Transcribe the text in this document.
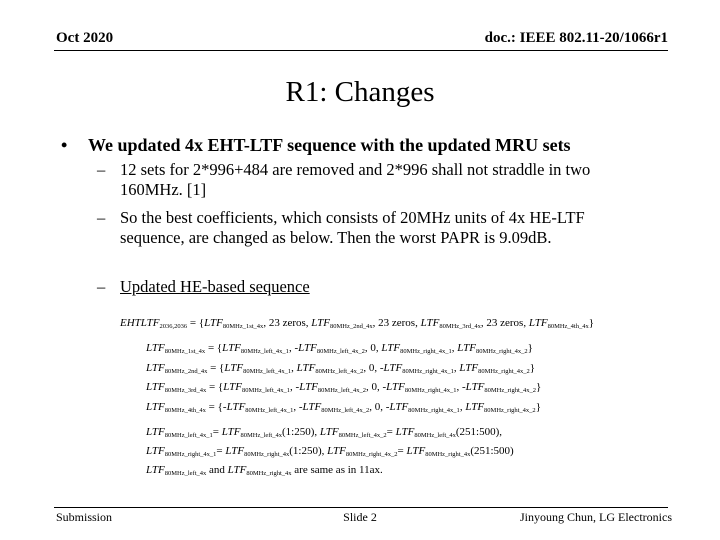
Oct 2020	doc.: IEEE 802.11-20/1066r1
R1: Changes
• We updated 4x EHT-LTF sequence with the updated MRU sets
– 12 sets for 2*996+484 are removed and 2*996 shall not straddle in two
160MHz. [1]
– So the best coefficients, which consists of 20MHz units of 4x HE-LTF
sequence, are changed as below. Then the worst PAPR is 9.09dB.
– Updated HE-based sequence
$EHTLTF_{2036,2036} = \{LTF_{80MHz\_1st\_4x}$, 23 zeros, $LTF_{80MHz\_2nd\_4x}$, 23 zeros, $LTF_{80MHz\_3rd\_4x}$, 23 zeros, $LTF_{80MHz\_4th\_4x}$}
$LTF_{80MHz\_1st\_4x} = \{LTF_{80MHz\_left\_4x\_1}$, $-LTF_{80MHz\_left\_4x\_2}$, 0, $LTF_{80MHz\_right\_4x\_1}$, $LTF_{80MHz\_right\_4x\_2}$}
$LTF_{80MHz\_2nd\_4x} = \{LTF_{80MHz\_left\_4x\_1}$, $LTF_{80MHz\_left\_4x\_2}$, 0, $-LTF_{80MHz\_right\_4x\_1}$, $LTF_{80MHz\_right\_4x\_2}$}
$LTF_{80MHz\_3rd\_4x} = \{LTF_{80MHz\_left\_4x\_1}$, $-LTF_{80MHz\_left\_4x\_2}$, 0, $-LTF_{80MHz\_right\_4x\_1}$, $-LTF_{80MHz\_right\_4x\_2}$}
$LTF_{80MHz\_4th\_4x} = \{-LTF_{80MHz\_left\_4x\_1}$, $-LTF_{80MHz\_left\_4x\_2}$, 0, $-LTF_{80MHz\_right\_4x\_1}$, $LTF_{80MHz\_right\_4x\_2}$}
$LTF_{80MHz\_left\_4x\_1}=$ $LTF_{80MHz\_left\_4x}(1:250)$, $LTF_{80MHz\_left\_4x\_2}=$ $LTF_{80MHz\_left\_4x}(251:500)$,
$LTF_{80MHz\_right\_4x\_1}=$ $LTF_{80MHz\_right\_4x}(1:250)$, $LTF_{80MHz\_right\_4x\_2}=$ $LTF_{80MHz\_right\_4x}(251:500)$
$LTF_{80MHz\_left\_4x}$ and $LTF_{80MHz\_right\_4x}$ are same as in 11ax.
Submission	Slide 2	Jinyoung Chun, LG Electronics
